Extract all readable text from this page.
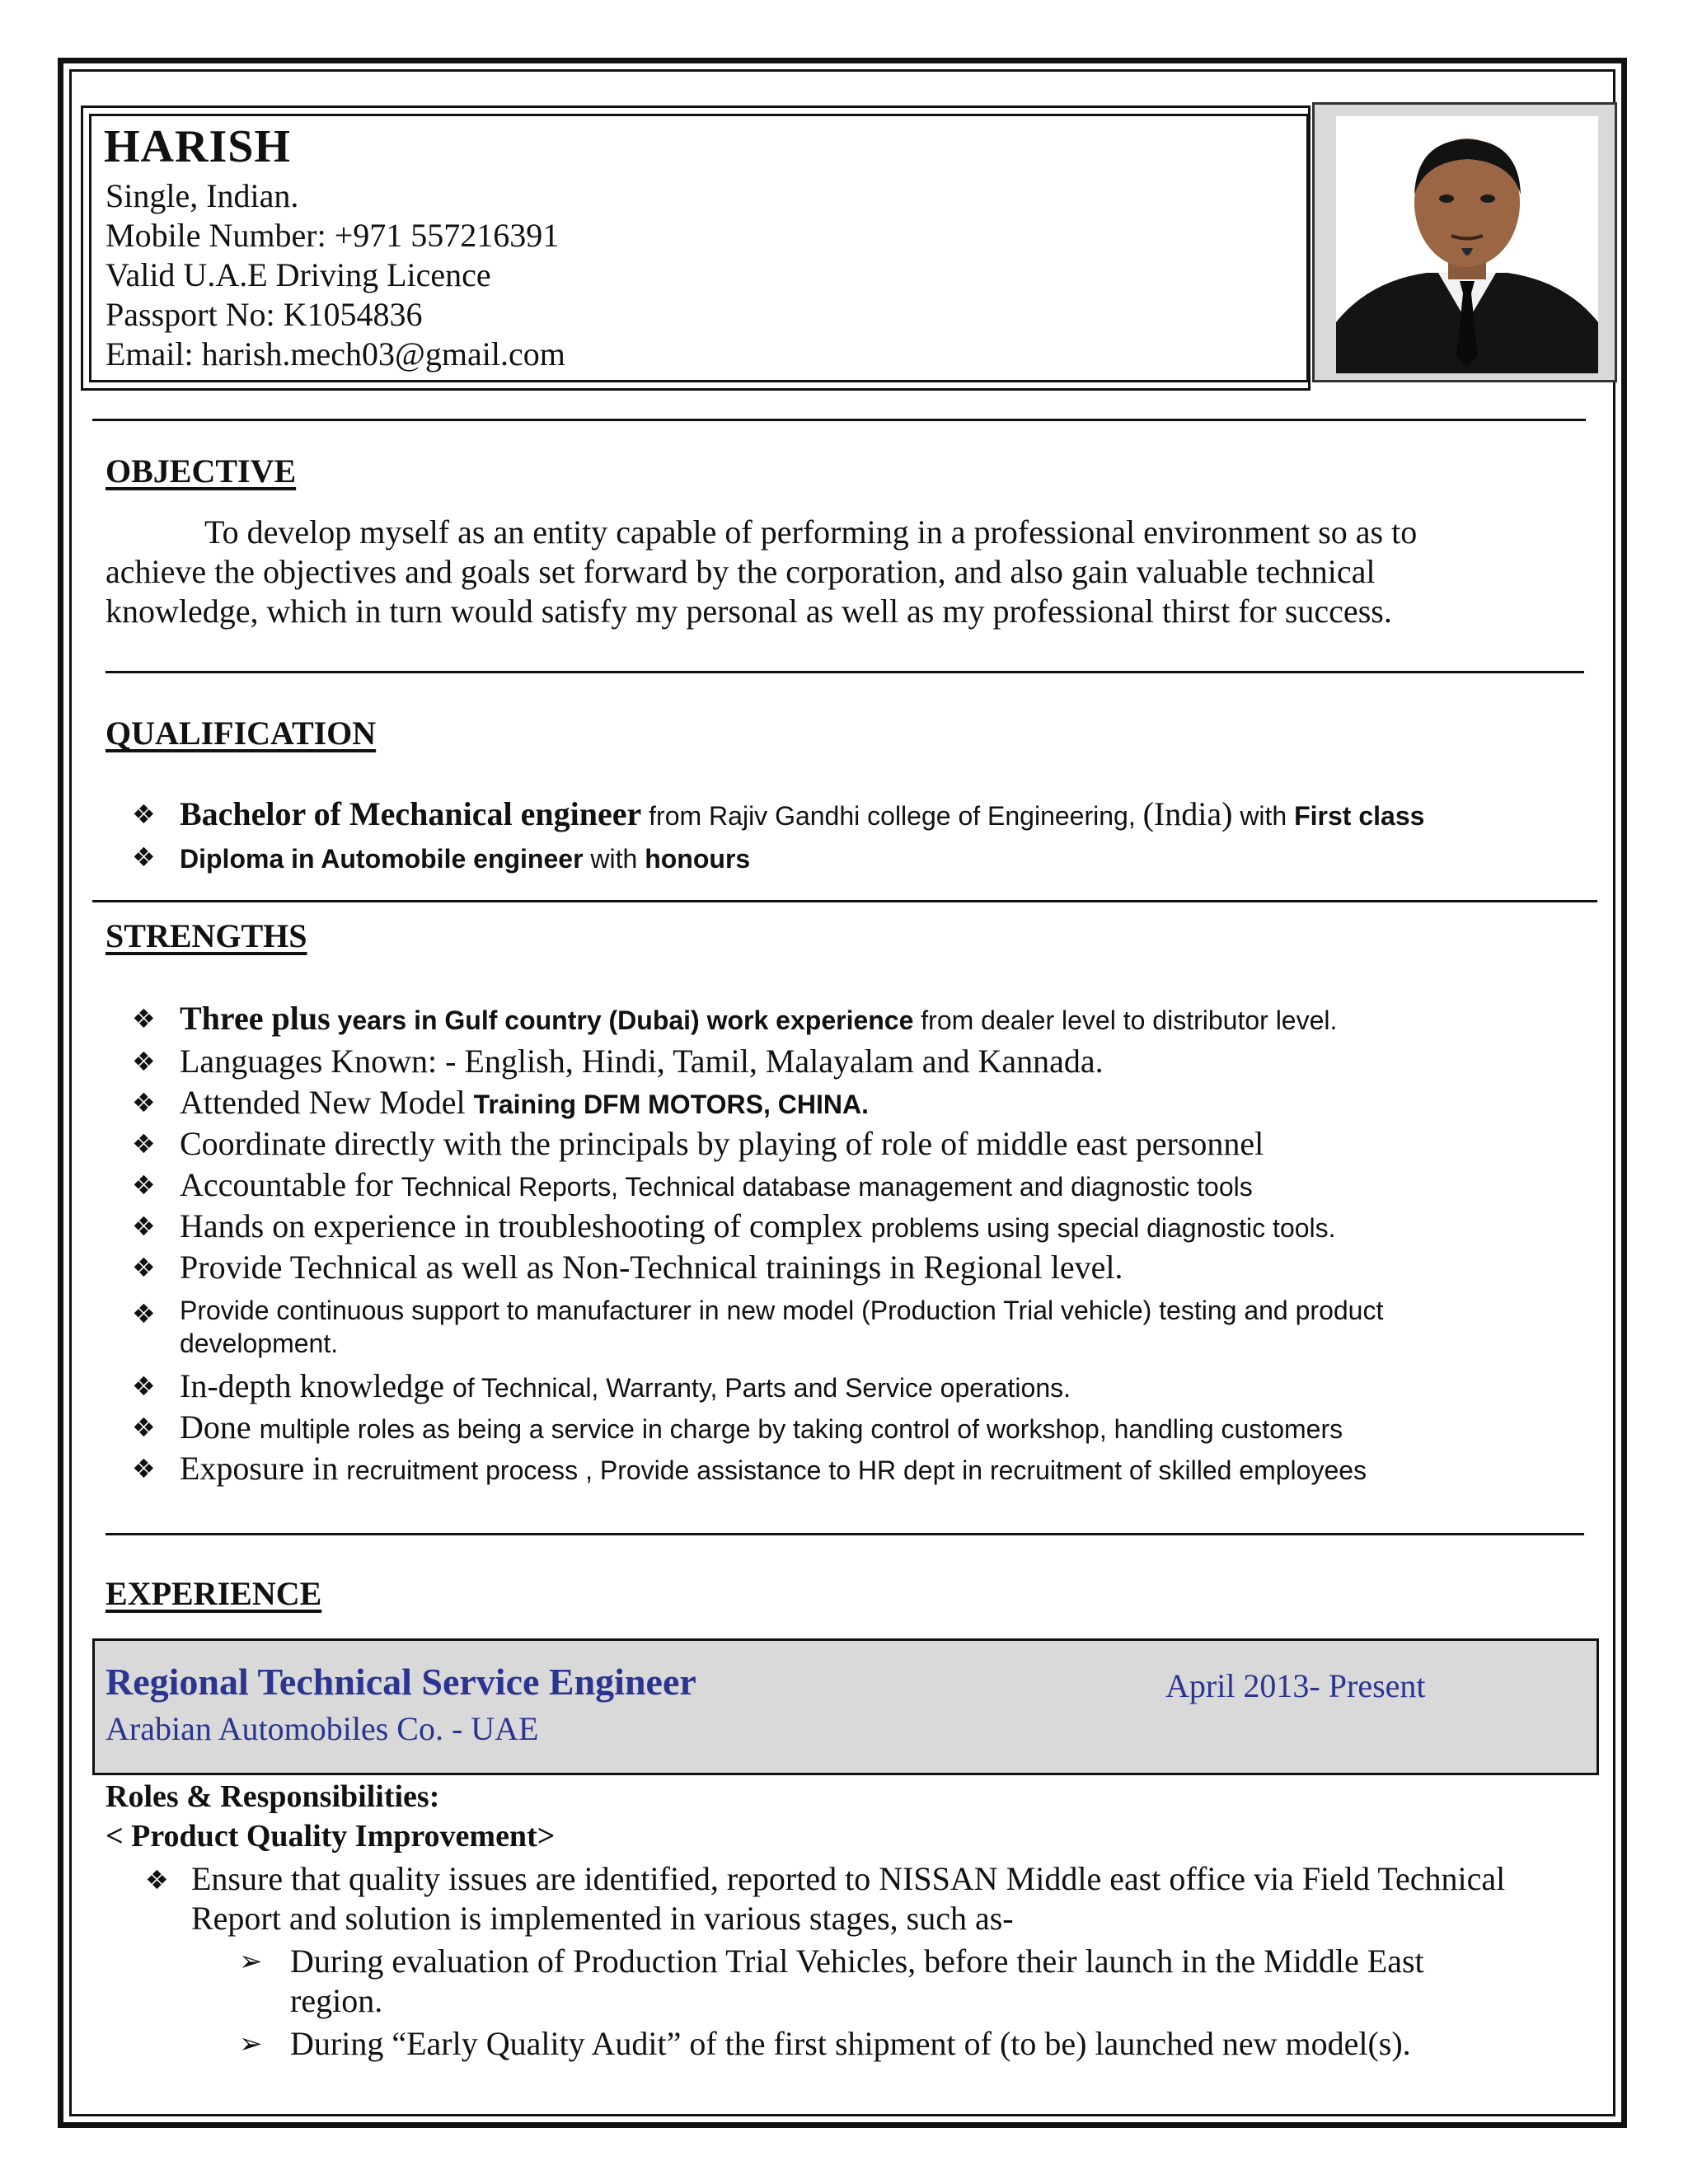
HARISH
Single, Indian.
Mobile Number: +971 557216391
Valid U.A.E Driving Licence
Passport No: K1054836
Email: harish.mech03@gmail.com
OBJECTIVE
To develop myself as an entity capable of performing in a professional environment so as to
achieve the objectives and goals set forward by the corporation, and also gain valuable technical
knowledge, which in turn would satisfy my personal as well as my professional thirst for success.
QUALIFICATION
❖ Bachelor of Mechanical engineer from Rajiv Gandhi college of Engineering, (India) with First class
❖ Diploma in Automobile engineer with honours
STRENGTHS
❖ Three plus years in Gulf country (Dubai) work experience from dealer level to distributor level.
❖ Languages Known: - English, Hindi, Tamil, Malayalam and Kannada.
❖ Attended New Model Training DFM MOTORS, CHINA.
❖ Coordinate directly with the principals by playing of role of middle east personnel
❖ Accountable for Technical Reports, Technical database management and diagnostic tools
❖ Hands on experience in troubleshooting of complex problems using special diagnostic tools.
❖ Provide Technical as well as Non-Technical trainings in Regional level.
❖ Provide continuous support to manufacturer in new model (Production Trial vehicle) testing and product
development.
❖ In-depth knowledge of Technical, Warranty, Parts and Service operations.
❖ Done multiple roles as being a service in charge by taking control of workshop, handling customers
❖ Exposure in recruitment process , Provide assistance to HR dept in recruitment of skilled employees
EXPERIENCE
Regional Technical Service Engineer	April 2013- Present
Arabian Automobiles Co. - UAE
Roles & Responsibilities:
< Product Quality Improvement>
❖ Ensure that quality issues are identified, reported to NISSAN Middle east office via Field Technical
Report and solution is implemented in various stages, such as-
➢ During evaluation of Production Trial Vehicles, before their launch in the Middle East
region.
➢ During “Early Quality Audit” of the first shipment of (to be) launched new model(s).
